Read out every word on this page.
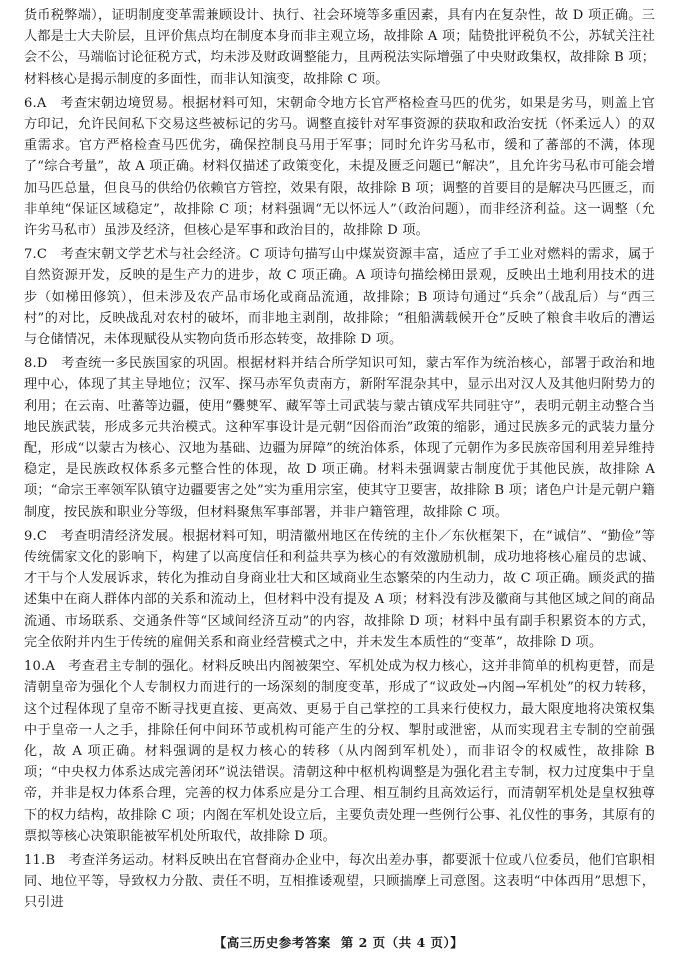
货币税弊端），证明制度变革需兼顾设计、执行、社会环境等多重因素，具有内在复杂性，故 D 项正确。三人都是士大夫阶层，且评价焦点均在制度本身而非主观立场，故排除 A 项；陆贽批评税负不公，苏轼关注社会不公，马端临讨论征税方式，均未涉及财政调整能力，且两税法实际增强了中央财政集权，故排除 B 项；材料核心是揭示制度的多面性，而非认知演变，故排除 C 项。

6.A　考查宋朝边境贸易。根据材料可知，宋朝命令地方长官严格检查马匹的优劣，如果是劣马，则盖上官方印记，允许民间私下交易这些被标记的劣马。调整直接针对军事资源的获取和政治安抚（怀柔远人）的双重需求。官方严格检查马匹优劣，确保控制良马用于军事；同时允许劣马私市，缓和了蕃部的不满，体现了“综合考量”，故 A 项正确。材料仅描述了政策变化，未提及匮乏问题已“解决”，且允许劣马私市可能会增加马匹总量，但良马的供给仍依赖官方管控，效果有限，故排除 B 项；调整的首要目的是解决马匹匮乏，而非单纯“保证区域稳定”，故排除 C 项；材料强调“无以怀远人”（政治问题），而非经济利益。这一调整（允许劣马私市）虽涉及经济，但核心是军事和政治目的，故排除 D 项。

7.C　考查宋朝文学艺术与社会经济。C 项诗句描写山中煤炭资源丰富，适应了手工业对燃料的需求，属于自然资源开发，反映的是生产力的进步，故 C 项正确。A 项诗句描绘梯田景观，反映出土地利用技术的进步（如梯田修筑），但未涉及农产品市场化或商品流通，故排除；B 项诗句通过“兵余”（战乱后）与“西三村”的对比，反映战乱对农村的破坏，而非地主剥削，故排除；“租船满载候开仓”反映了粮食丰收后的漕运与仓储情况，未体现赋役从实物向货币形态转变，故排除 D 项。

8.D　考查统一多民族国家的巩固。根据材料并结合所学知识可知，蒙古军作为统治核心，部署于政治和地理中心，体现了其主导地位；汉军、探马赤军负责南方，新附军混杂其中，显示出对汉人及其他归附势力的利用；在云南、吐蕃等边疆，使用“爨僰军、藏军等土司武装与蒙古镇戍军共同驻守”，表明元朝主动整合当地民族武装，形成多元共治模式。这种军事设计是元朝“因俗而治”政策的缩影，通过民族多元的武装力量分配，形成“以蒙古为核心、汉地为基础、边疆为屏障”的统治体系，体现了元朝作为多民族帝国利用差异维持稳定，是民族政权体系多元整合性的体现，故 D 项正确。材料未强调蒙古制度优于其他民族，故排除 A 项；“命宗王率领军队镇守边疆要害之处”实为重用宗室，使其守卫要害，故排除 B 项；诸色户计是元朝户籍制度，按民族和职业分等级，但材料聚焦军事部署，并非户籍管理，故排除 C 项。

9.C　考查明清经济发展。根据材料可知，明清徽州地区在传统的主仆／东伙框架下，在“诚信”、“勤俭”等传统儒家文化的影响下，构建了以高度信任和利益共享为核心的有效激励机制，成功地将核心雇员的忠诚、才干与个人发展诉求，转化为推动自身商业壮大和区域商业生态繁荣的内生动力，故 C 项正确。顾炎武的描述集中在商人群体内部的关系和流动上，但材料中没有提及 A 项；材料没有涉及徽商与其他区域之间的商品流通、市场联系、交通条件等“区域间经济互动”的内容，故排除 D 项；材料中虽有副手积累资本的方式，完全依附并内生于传统的雇佣关系和商业经营模式之中，并未发生本质性的“变革”，故排除 D 项。

10.A　考查君主专制的强化。材料反映出内阁被架空、军机处成为权力核心，这并非简单的机构更替，而是清朝皇帝为强化个人专制权力而进行的一场深刻的制度变革，形成了“议政处→内阁→军机处”的权力转移，这个过程体现了皇帝不断寻找更直接、更高效、更易于自己掌控的工具来行使权力，最大限度地将决策权集中于皇帝一人之手，排除任何中间环节或机构可能产生的分权、掣肘或泄密，从而实现君主专制的空前强化，故 A 项正确。材料强调的是权力核心的转移（从内阁到军机处），而非诏令的权威性，故排除 B 项；“中央权力体系达成完善闭环”说法错误。清朝这种中枢机构调整是为强化君主专制，权力过度集中于皇帝，并非是权力体系合理，完善的权力体系应是分工合理、相互制约且高效运行，而清朝军机处是皇权独尊下的权力结构，故排除 C 项；内阁在军机处设立后，主要负责处理一些例行公事、礼仪性的事务，其原有的票拟等核心决策职能被军机处所取代，故排除 D 项。

11.B　考查洋务运动。材料反映出在官督商办企业中，每次出差办事，都要派十位或八位委员，他们官职相同、地位平等，导致权力分散、责任不明，互相推诿观望，只顾揣摩上司意图。这表明“中体西用”思想下，只引进

【高三历史参考答案 第 2 页（共 4 页）】
